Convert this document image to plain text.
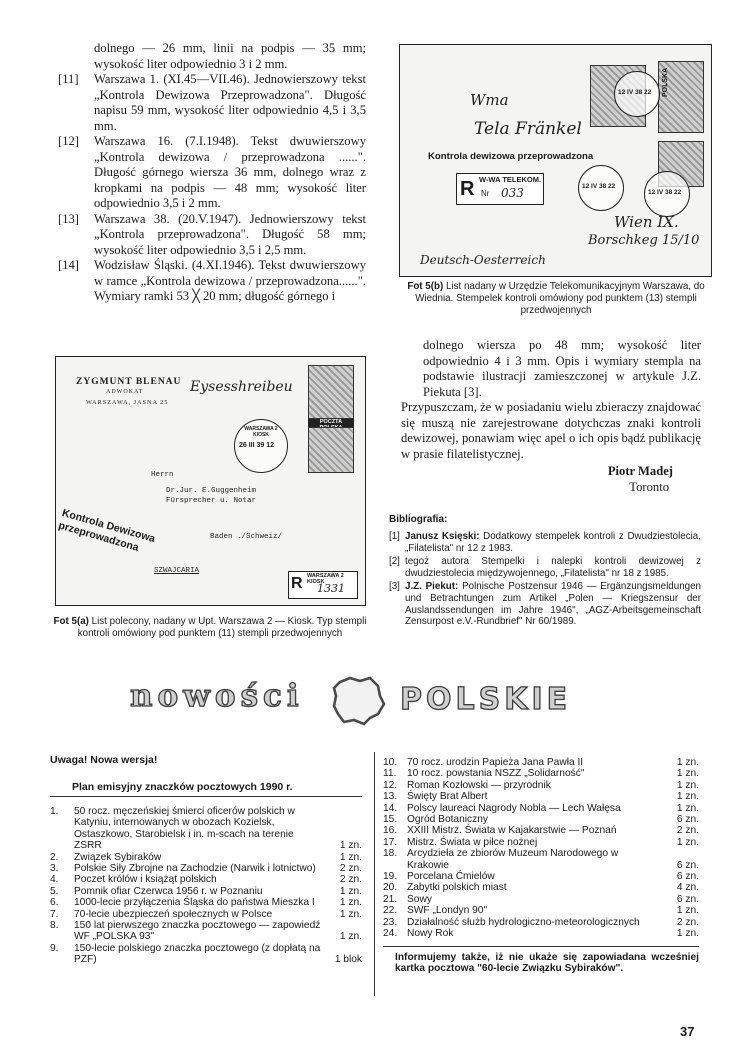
dolnego — 26 mm, linii na podpis — 35 mm; wysokość liter odpowiednio 3 i 2 mm.
[11]	Warszawa 1. (XI.45—VII.46). Jednowierszowy tekst „Kontrola Dewizowa Przeprowadzona". Długość napisu 59 mm, wysokość liter odpowiednio 4,5 i 3,5 mm.
[12]	Warszawa 16. (7.I.1948). Tekst dwuwierszowy „Kontrola dewizowa / przeprowadzona ......". Długość górnego wiersza 36 mm, dolnego wraz z kropkami na podpis — 48 mm; wysokość liter odpowiednio 3,5 i 2 mm.
[13]	Warszawa 38. (20.V.1947). Jednowierszowy tekst „Kontrola przeprowadzona". Długość 58 mm; wysokość liter odpowiednio 3,5 i 2,5 mm.
[14]	Wodzisław Śląski. (4.XI.1946). Tekst dwuwierszowy w ramce „Kontrola dewizowa / przeprowadzona......". Wymiary ramki 53 ╳ 20 mm; długość górnego i
Wma
Tela Fränkel
Kontrola dewizowa przeprowadzona
R W-WA TELEKOM.
Nr 033
POLSKA
12 IV 38 22
12 IV 38 22
12 IV 38 22
Wien IX.
Borschkeg 15/10
Deutsch-Oesterreich
Fot 5(b) List nadany w Urzędzie Telekomunikacyjnym Warszawa, do Wiednia. Stempelek kontroli omówiony pod punktem (13) stempli przedwojennych
dolnego wiersza po 48 mm; wysokość liter odpowiednio 4 i 3 mm. Opis i wymiary stempla na podstawie ilustracji zamieszczonej w artykule J.Z. Piekuta [3].
Przypuszczam, że w posiadaniu wielu zbieraczy znajdować się muszą nie zarejestrowane dotychczas znaki kontroli dewizowej, ponawiam więc apel o ich opis bądź publikację w prasie filatelistycznej.
Piotr Madej
Toronto
Bibliografia:
[1] Janusz Księski: Dodatkowy stempelek kontroli z Dwudziestolecia, „Filatelista" nr 12 z 1983.
[2] tegoż autora Stempelki i nalepki kontroli dewizowej z dwudziestolecia międzywojennego, „Filatelista" nr 18 z 1985.
[3] J.Z. Piekut: Polnische Postzensur 1946 — Ergänzungsmeldungen und Betrachtungen zum Artikel „Polen — Kriegszensur der Auslandssendungen im Jahre 1946", „AGZ-Arbeitsgemeinschaft Zensurpost e.V.-Rundbrief" Nr 60/1989.
ZYGMUNT BLENAU
ADWOKAT
WARSZAWA, JASNA 25
Eysesshreibeu
POCZTA
WARSZAWA 2 KIOSK
26 III 39 12
Herrn
Dr.Jur. E.Guggenheim
Fürsprecher u. Notar
Kontrola Dewizowa przeprowadzona	Baden ./Schweiz/
SZWAJCARIA
R WARSZAWA 2 KIOSK
1331
Fot 5(a) List polecony, nadany w Upt. Warszawa 2 — Kiosk. Typ stempli kontroli omówiony pod punktem (11) stempli przedwojennych
nowości	POLSKIE
Uwaga! Nowa wersja!
Plan emisyjny znaczków pocztowych 1990 r.
1.	50 rocz. męczeńskiej śmierci oficerów polskich w Katyniu, internowanych w obozach Kozielsk, Ostaszkowo, Starobielsk i in. m-scach na terenie ZSRR	1 zn.
2.	Związek Sybiraków	1 zn.
3.	Polskie Siły Zbrojne na Zachodzie (Narwik i lotnictwo)	2 zn.
4.	Poczet królów i książąt polskich	2 zn.
5.	Pomnik ofiar Czerwca 1956 r. w Poznaniu	1 zn.
6.	1000-lecie przyłączenia Śląska do państwa Mieszka I	1 zn.
7.	70-lecie ubezpieczeń społecznych w Polsce	1 zn.
8.	150 lat pierwszego znaczka pocztowego — zapowiedź WF „POLSKA 93"	1 zn.
9.	150-lecie polskiego znaczka pocztowego (z dopłatą na PZF)	1 blok
10. 70 rocz. urodzin Papieża Jana Pawła II	1 zn.
11.	10 rocz. powstania NSZZ „Solidarność"	1 zn.
12. Roman Kozłowski — przyrodnik	1 zn.
13. Święty Brat Albert	1 zn.
14. Polscy laureaci Nagrody Nobla — Lech Wałęsa	1 zn.
15. Ogród Botaniczny	6 zn.
16. XXIII Mistrz. Świata w Kajakarstwie — Poznań	2 zn.
17. Mistrz. Świata w piłce nożnej	1 zn.
18. Arcydzieła ze zbiorów Muzeum Narodowego w Krakowie	6 zn.
19. Porcelana Ćmielów	6 zn.
20. Zabytki polskich miast	4 zn.
21. Sowy	6 zn.
22. SWF „Londyn 90"	1 zn.
23. Działalność służb hydrologiczno-meteorologicznych	2 zn.
24. Nowy Rok	1 zn.
Informujemy także, iż nie ukaże się zapowiadana wcześniej kartka pocztowa "60-lecie Związku Sybiraków".
37
